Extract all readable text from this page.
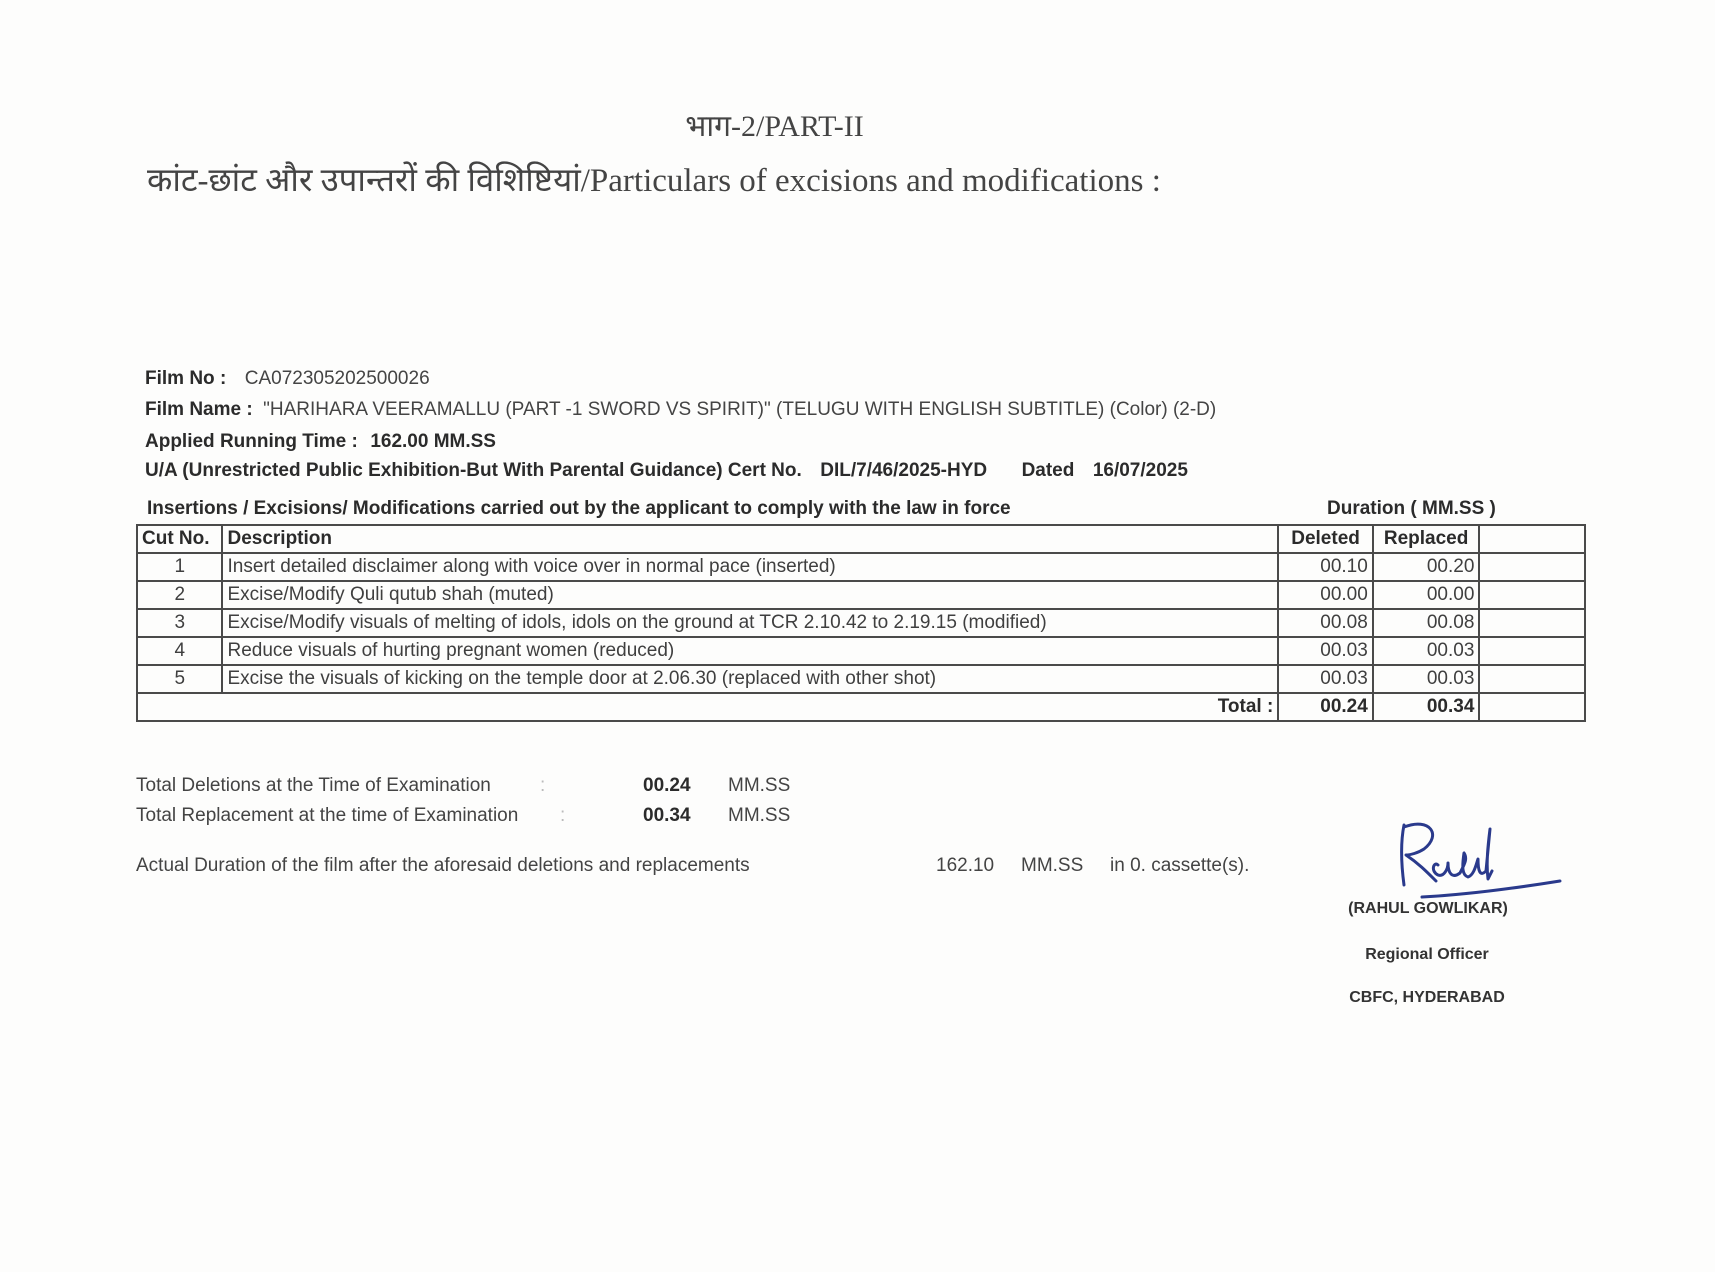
भाग-2/PART-II
कांट-छांट और उपान्तरों की विशिष्टियां/Particulars of excisions and modifications :
Film No : CA072305202500026
Film Name : "HARIHARA VEERAMALLU (PART -1 SWORD VS SPIRIT)" (TELUGU WITH ENGLISH SUBTITLE) (Color) (2-D)
Applied Running Time : 162.00 MM.SS
U/A (Unrestricted Public Exhibition-But With Parental Guidance) Cert No. DIL/7/46/2025-HYD Dated 16/07/2025
Insertions / Excisions/ Modifications carried out by the applicant to comply with the law in force	Duration ( MM.SS )
Cut No.	Description	Deleted	Replaced	
1	Insert detailed disclaimer along with voice over in normal pace (inserted)	00.10	00.20	
2	Excise/Modify Quli qutub shah (muted)	00.00	00.00	
3	Excise/Modify visuals of melting of idols, idols on the ground at TCR 2.10.42 to 2.19.15 (modified)	00.08	00.08	
4	Reduce visuals of hurting pregnant women (reduced)	00.03	00.03	
5	Excise the visuals of kicking on the temple door at 2.06.30 (replaced with other shot)	00.03	00.03	
Total :		00.24	00.34	
Total Deletions at the Time of Examination	:	00.24 MM.SS
Total Replacement at the time of Examination :	00.34 MM.SS
Actual Duration of the film after the aforesaid deletions and replacements	162.10 MM.SS in 0. cassette(s).
(RAHUL GOWLIKAR)
Regional Officer
CBFC, HYDERABAD
